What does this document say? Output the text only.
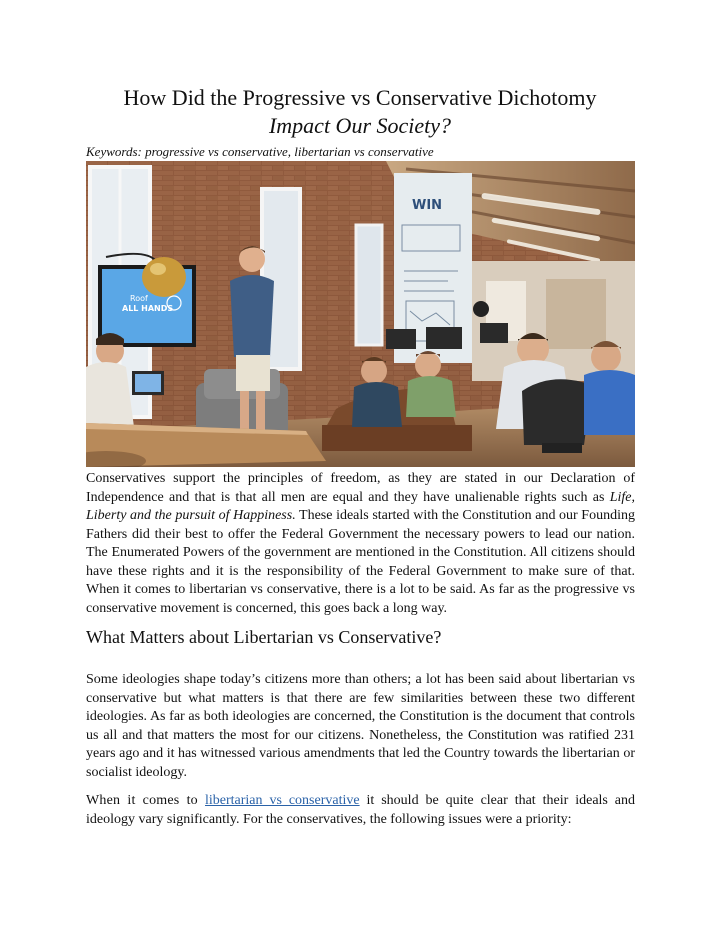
How Did the Progressive vs Conservative Dichotomy
Impact Our Society?
Keywords: progressive vs conservative, libertarian vs conservative
WIN
Roof
ALL HANDS

Conservatives support the principles of freedom, as they are stated in our Declaration of Independence and that is that all men are equal and they have unalienable rights such as Life, Liberty and the pursuit of Happiness. These ideals started with the Constitution and our Founding Fathers did their best to offer the Federal Government the necessary powers to lead our nation. The Enumerated Powers of the government are mentioned in the Constitution. All citizens should have these rights and it is the responsibility of the Federal Government to make sure of that. When it comes to libertarian vs conservative, there is a lot to be said. As far as the progressive vs conservative movement is concerned, this goes back a long way.

What Matters about Libertarian vs Conservative?

Some ideologies shape today’s citizens more than others; a lot has been said about libertarian vs conservative but what matters is that there are few similarities between these two different ideologies. As far as both ideologies are concerned, the Constitution is the document that controls us all and that matters the most for our citizens. Nonetheless, the Constitution was ratified 231 years ago and it has witnessed various amendments that led the Country towards the libertarian or socialist ideology.

When it comes to libertarian vs conservative it should be quite clear that their ideals and ideology vary significantly. For the conservatives, the following issues were a priority:
